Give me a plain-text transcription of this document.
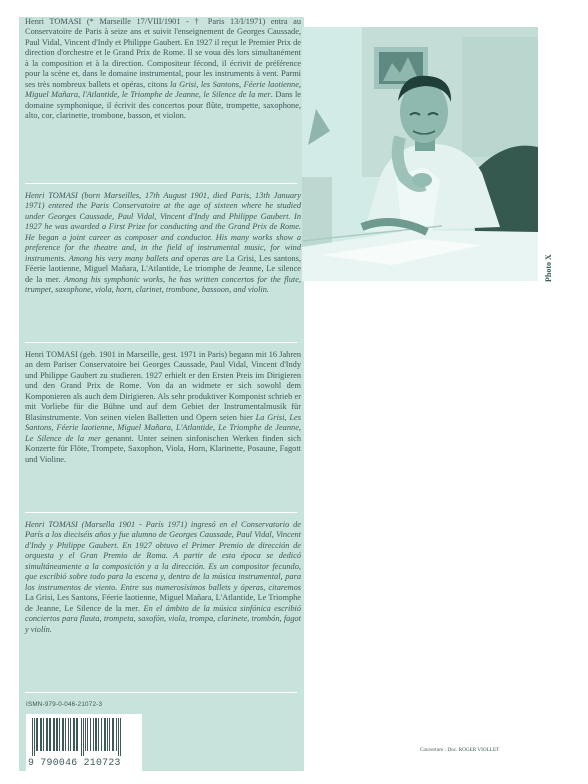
Henri TOMASI (* Marseille 17/VIII/1901 - † Paris 13/I/1971) entra au Conservatoire de Paris à seize ans et suivit l'enseignement de Georges Caussade, Paul Vidal, Vincent d'Indy et Philippe Gaubert. En 1927 il reçut le Premier Prix de direction d'orchestre et le Grand Prix de Rome. Il se voua dès lors simultanément à la composition et à la direction. Compositeur fécond, il écrivit de préférence pour la scène et, dans le domaine instrumental, pour les instruments à vent. Parmi ses très nombreux ballets et opéras, citons la Grisi, les Santons, Féerie laotienne, Miguel Mañara, l'Atlantide, le Triomphe de Jeanne, le Silence de la mer. Dans le domaine symphonique, il écrivit des concertos pour flûte, trompette, saxophone, alto, cor, clarinette, trombone, basson, et violon.

Henri TOMASI (born Marseilles, 17th August 1901, died Paris, 13th January 1971) entered the Paris Conservatoire at the age of sixteen where he studied under Georges Caussade, Paul Vidal, Vincent d'Indy and Philippe Gaubert. In 1927 he was awarded a First Prize for conducting and the Grand Prix de Rome. He began a joint career as composer and conductor. His many works show a preference for the theatre and, in the field of instrumental music, for wind instruments. Among his very many ballets and operas are La Grisi, Les santons, Féerie laotienne, Miguel Mañara, L'Atlantide, Le triomphe de Jeanne, Le silence de la mer. Among his symphonic works, he has written concertos for the flute, trumpet, saxophone, viola, horn, clarinet, trombone, bassoon, and violin.

Henri TOMASI (geb. 1901 in Marseille, gest. 1971 in Paris) begann mit 16 Jahren an dem Pariser Conservatoire bei Georges Caussade, Paul Vidal, Vincent d'Indy und Philippe Gaubert zu studieren. 1927 erhielt er den Ersten Preis im Dirigieren und den Grand Prix de Rome. Von da an widmete er sich sowohl dem Komponieren als auch dem Dirigieren. Als sehr produktiver Komponist schrieb er mit Vorliebe für die Bühne und auf dem Gebiet der Instrumentalmusik für Blasinstrumente. Von seinen vielen Balletten und Opern seien hier La Grisi, Les Santons, Féerie laotienne, Miguel Mañara, L'Atlantide, Le Triomphe de Jeanne, Le Silence de la mer genannt. Unter seinen sinfonischen Werken finden sich Konzerte für Flöte, Trompete, Saxophon, Viola, Horn, Klarinette, Posaune, Fagott und Violine.

Henri TOMASI (Marsella 1901 - París 1971) ingresó en el Conservatorio de París a los dieciséis años y fue alumno de Georges Caussade, Paul Vidal, Vincent d'Indy y Philippe Gaubert. En 1927 obtuvo el Primer Premio de dirección de orquesta y el Gran Premio de Roma. A partir de esta época se dedicó simultáneamente a la composición y a la dirección. Es un compositor fecundo, que escribió sobre todo para la escena y, dentro de la música instrumental, para los instrumentos de viento. Entre sus numerosísimos ballets y óperas, citaremos La Grisi, Les Santons, Féerie laotienne, Miguel Mañara, L'Atlantide, Le Triomphe de Jeanne, Le Silence de la mer. En el ámbito de la música sinfónica escribió conciertos para flauta, trompeta, saxofón, viola, trompa, clarinete, trombón, fagot y violín.

ISMN-979-0-046-21072-3
9 790046 210723
Photo X
Couverture : Doc. ROGER VIOLLET
